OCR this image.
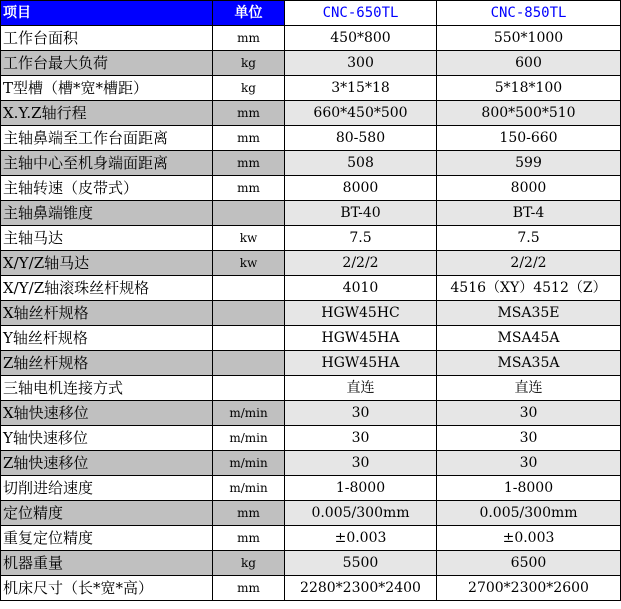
项目	单位	CNC-650TL	CNC-850TL
工作台面积	mm	450*800	550*1000
工作台最大负荷	kg	300	600
T型槽（槽*宽*槽距）	kg	3*15*18	5*18*100
X.Y.Z轴行程	mm	660*450*500	800*500*510
主轴鼻端至工作台面距离	mm	80-580	150-660
主轴中心至机身端面距离	mm	508	599
主轴转速（皮带式）	mm	8000	8000
主轴鼻端锥度		BT-40	BT-4
主轴马达	kw	7.5	7.5
X/Y/Z轴马达	kw	2/2/2	2/2/2
X/Y/Z轴滚珠丝杆规格		4010	4516（XY）4512（Z）
X轴丝杆规格		HGW45HC	MSA35E
Y轴丝杆规格		HGW45HA	MSA45A
Z轴丝杆规格		HGW45HA	MSA35A
三轴电机连接方式		直连	直连
X轴快速移位	m/min	30	30
Y轴快速移位	m/min	30	30
Z轴快速移位	m/min	30	30
切削进给速度	m/min	1-8000	1-8000
定位精度	mm	0.005/300mm	0.005/300mm
重复定位精度	mm	±0.003	±0.003
机器重量	kg	5500	6500
机床尺寸（长*宽*高）	mm	2280*2300*2400	2700*2300*2600
